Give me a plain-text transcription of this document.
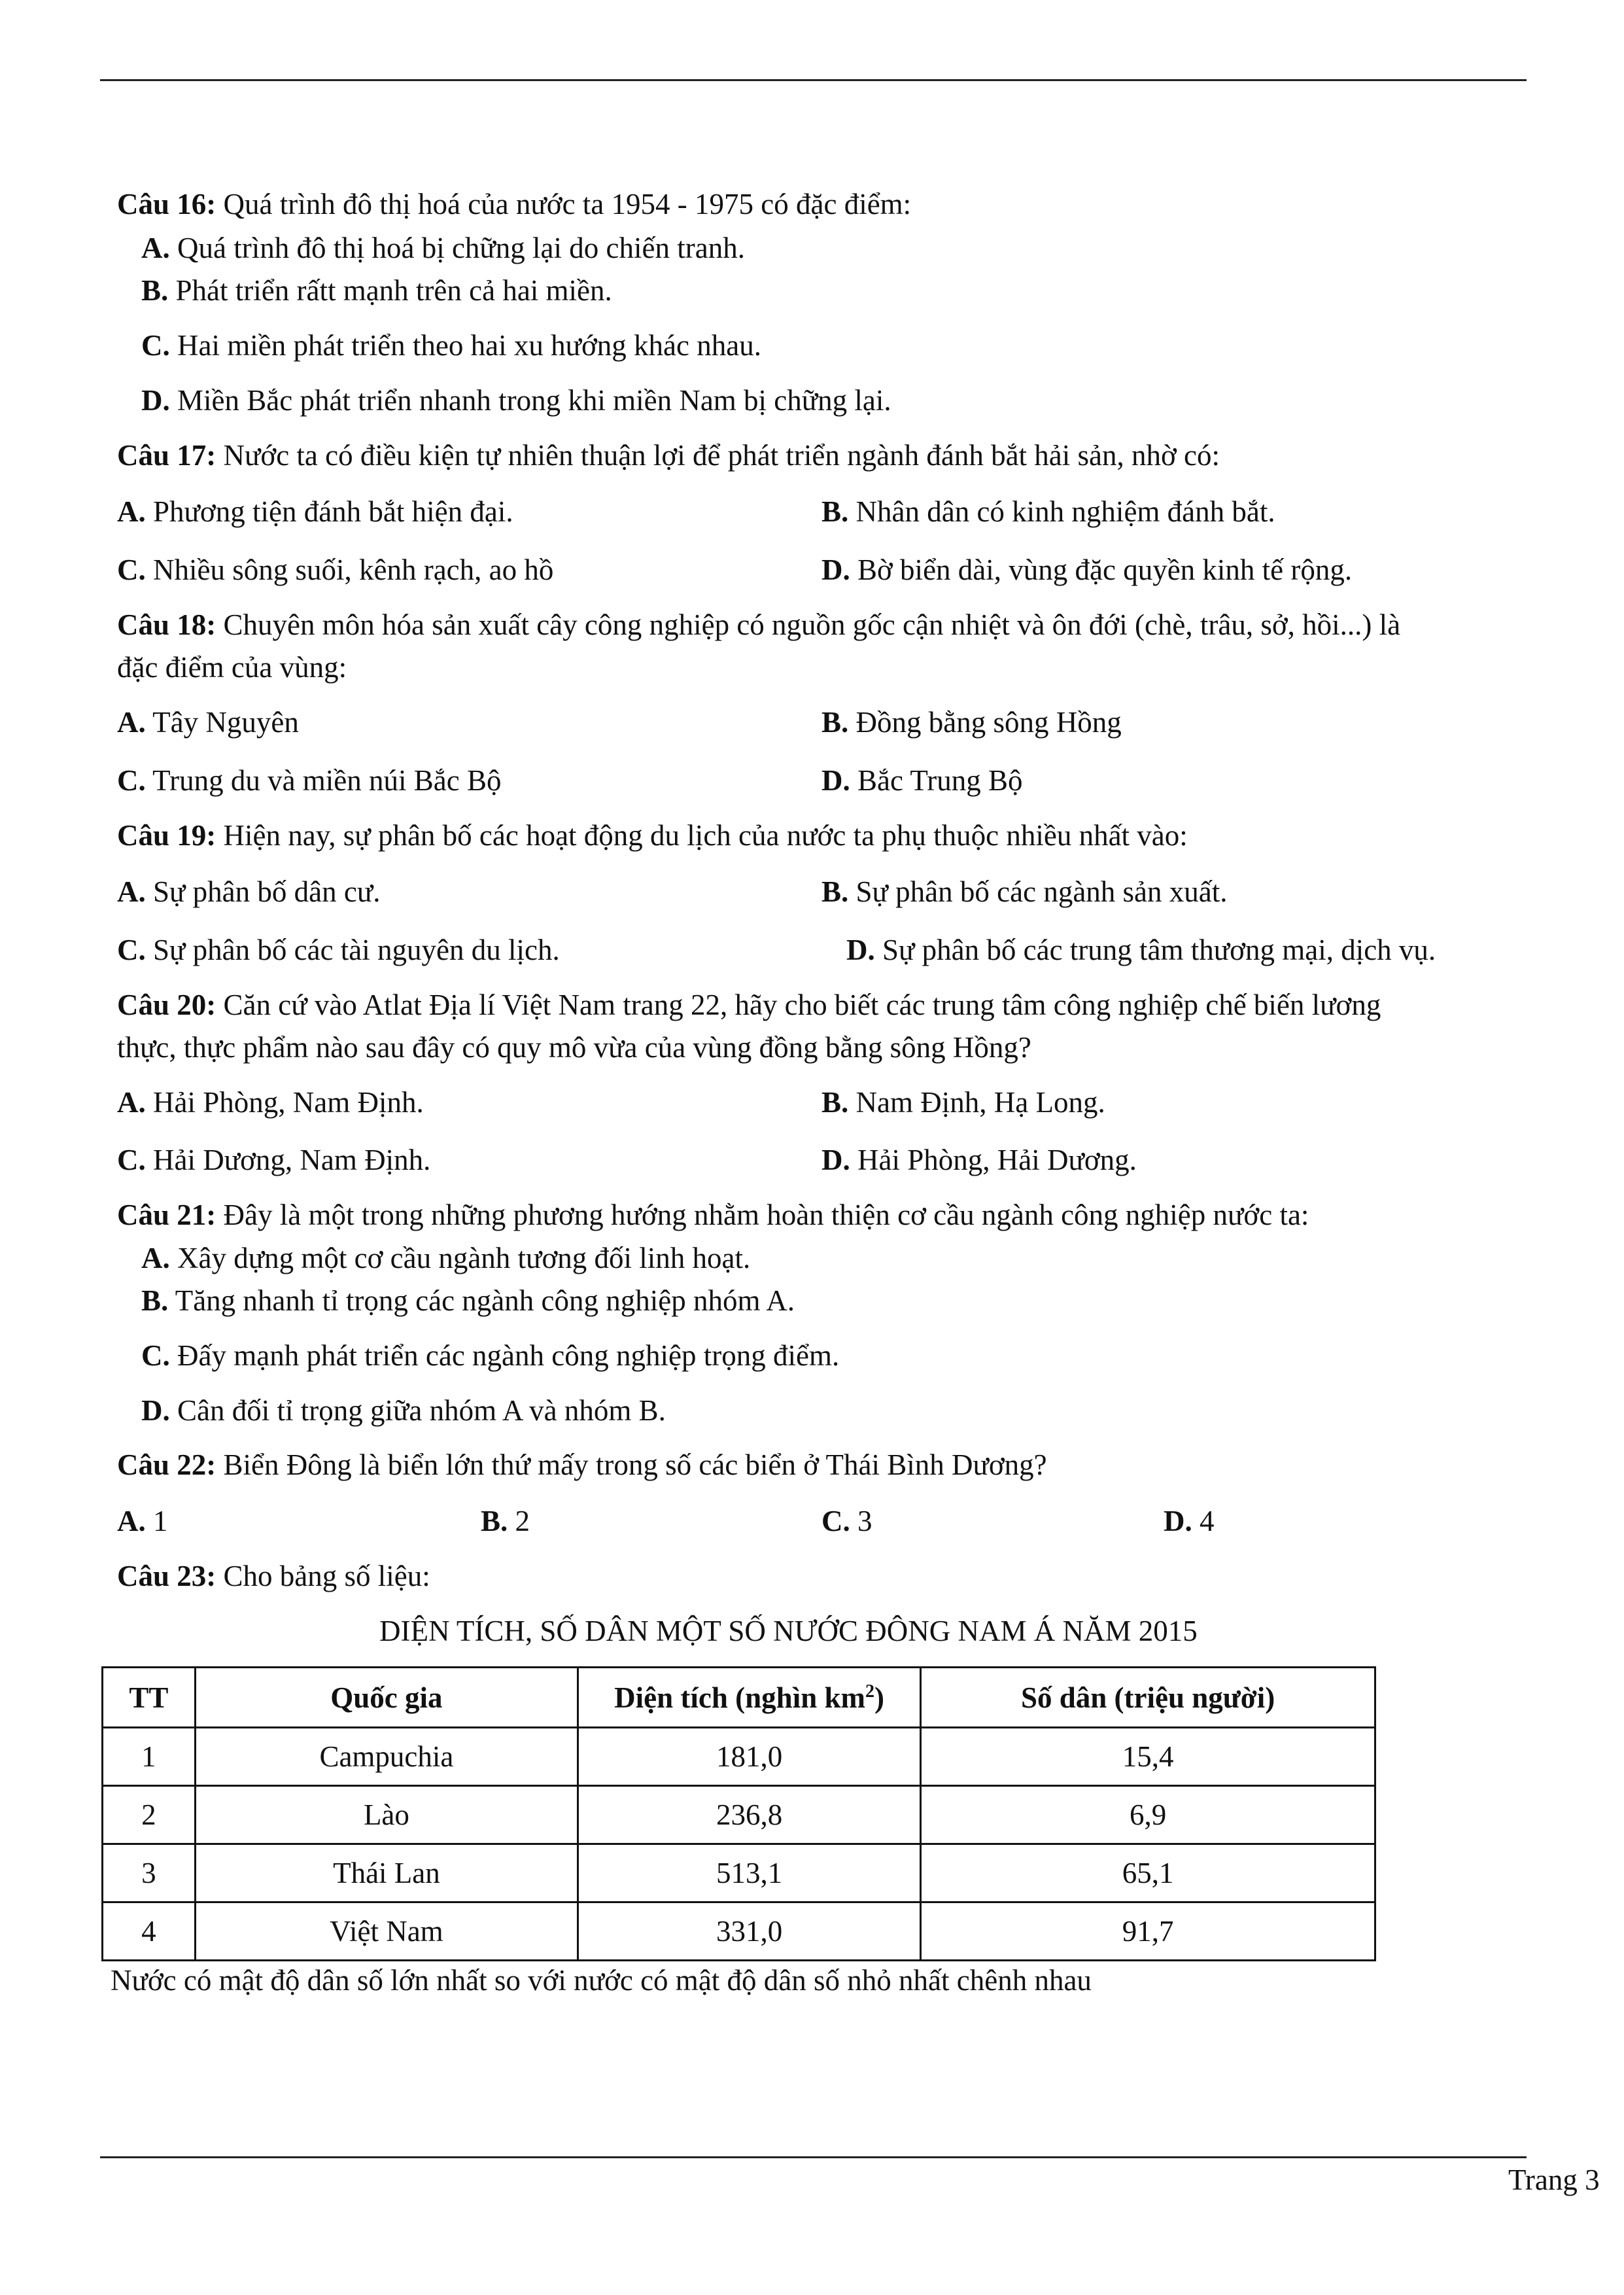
Câu 16: Quá trình đô thị hoá của nước ta 1954 - 1975 có đặc điểm:
A. Quá trình đô thị hoá bị chững lại do chiến tranh.
B. Phát triển rấtt mạnh trên cả hai miền.
C. Hai miền phát triển theo hai xu hướng khác nhau.
D. Miền Bắc phát triển nhanh trong khi miền Nam bị chững lại.
Câu 17: Nước ta có điều kiện tự nhiên thuận lợi để phát triển ngành đánh bắt hải sản, nhờ có:
A. Phương tiện đánh bắt hiện đại.	B. Nhân dân có kinh nghiệm đánh bắt.
C. Nhiều sông suối, kênh rạch, ao hồ	D. Bờ biển dài, vùng đặc quyền kinh tế rộng.
Câu 18: Chuyên môn hóa sản xuất cây công nghiệp có nguồn gốc cận nhiệt và ôn đới (chè, trâu, sở, hồi...) là
đặc điểm của vùng:
A. Tây Nguyên	B. Đồng bằng sông Hồng
C. Trung du và miền núi Bắc Bộ	D. Bắc Trung Bộ
Câu 19: Hiện nay, sự phân bố các hoạt động du lịch của nước ta phụ thuộc nhiều nhất vào:
A. Sự phân bố dân cư.	B. Sự phân bố các ngành sản xuất.
C. Sự phân bố các tài nguyên du lịch.	D. Sự phân bố các trung tâm thương mại, dịch vụ.
Câu 20: Căn cứ vào Atlat Địa lí Việt Nam trang 22, hãy cho biết các trung tâm công nghiệp chế biến lương
thực, thực phẩm nào sau đây có quy mô vừa của vùng đồng bằng sông Hồng?
A. Hải Phòng, Nam Định.	B. Nam Định, Hạ Long.
C. Hải Dương, Nam Định.	D. Hải Phòng, Hải Dương.
Câu 21: Đây là một trong những phương hướng nhằm hoàn thiện cơ cầu ngành công nghiệp nước ta:
A. Xây dựng một cơ cầu ngành tương đối linh hoạt.
B. Tăng nhanh tỉ trọng các ngành công nghiệp nhóm A.
C. Đấy mạnh phát triển các ngành công nghiệp trọng điểm.
D. Cân đối tỉ trọng giữa nhóm A và nhóm B.
Câu 22: Biển Đông là biển lớn thứ mấy trong số các biển ở Thái Bình Dương?
A. 1	B. 2	C. 3	D. 4
Câu 23: Cho bảng số liệu:
DIỆN TÍCH, SỐ DÂN MỘT SỐ NƯỚC ĐÔNG NAM Á NĂM 2015
TT	Quốc gia	Diện tích (nghìn $km^2$)	Số dân (triệu người)
1	Campuchia	181,0	15,4
2	Lào	236,8	6,9
3	Thái Lan	513,1	65,1
4	Việt Nam	331,0	91,7
Nước có mật độ dân số lớn nhất so với nước có mật độ dân số nhỏ nhất chênh nhau
Trang 3
